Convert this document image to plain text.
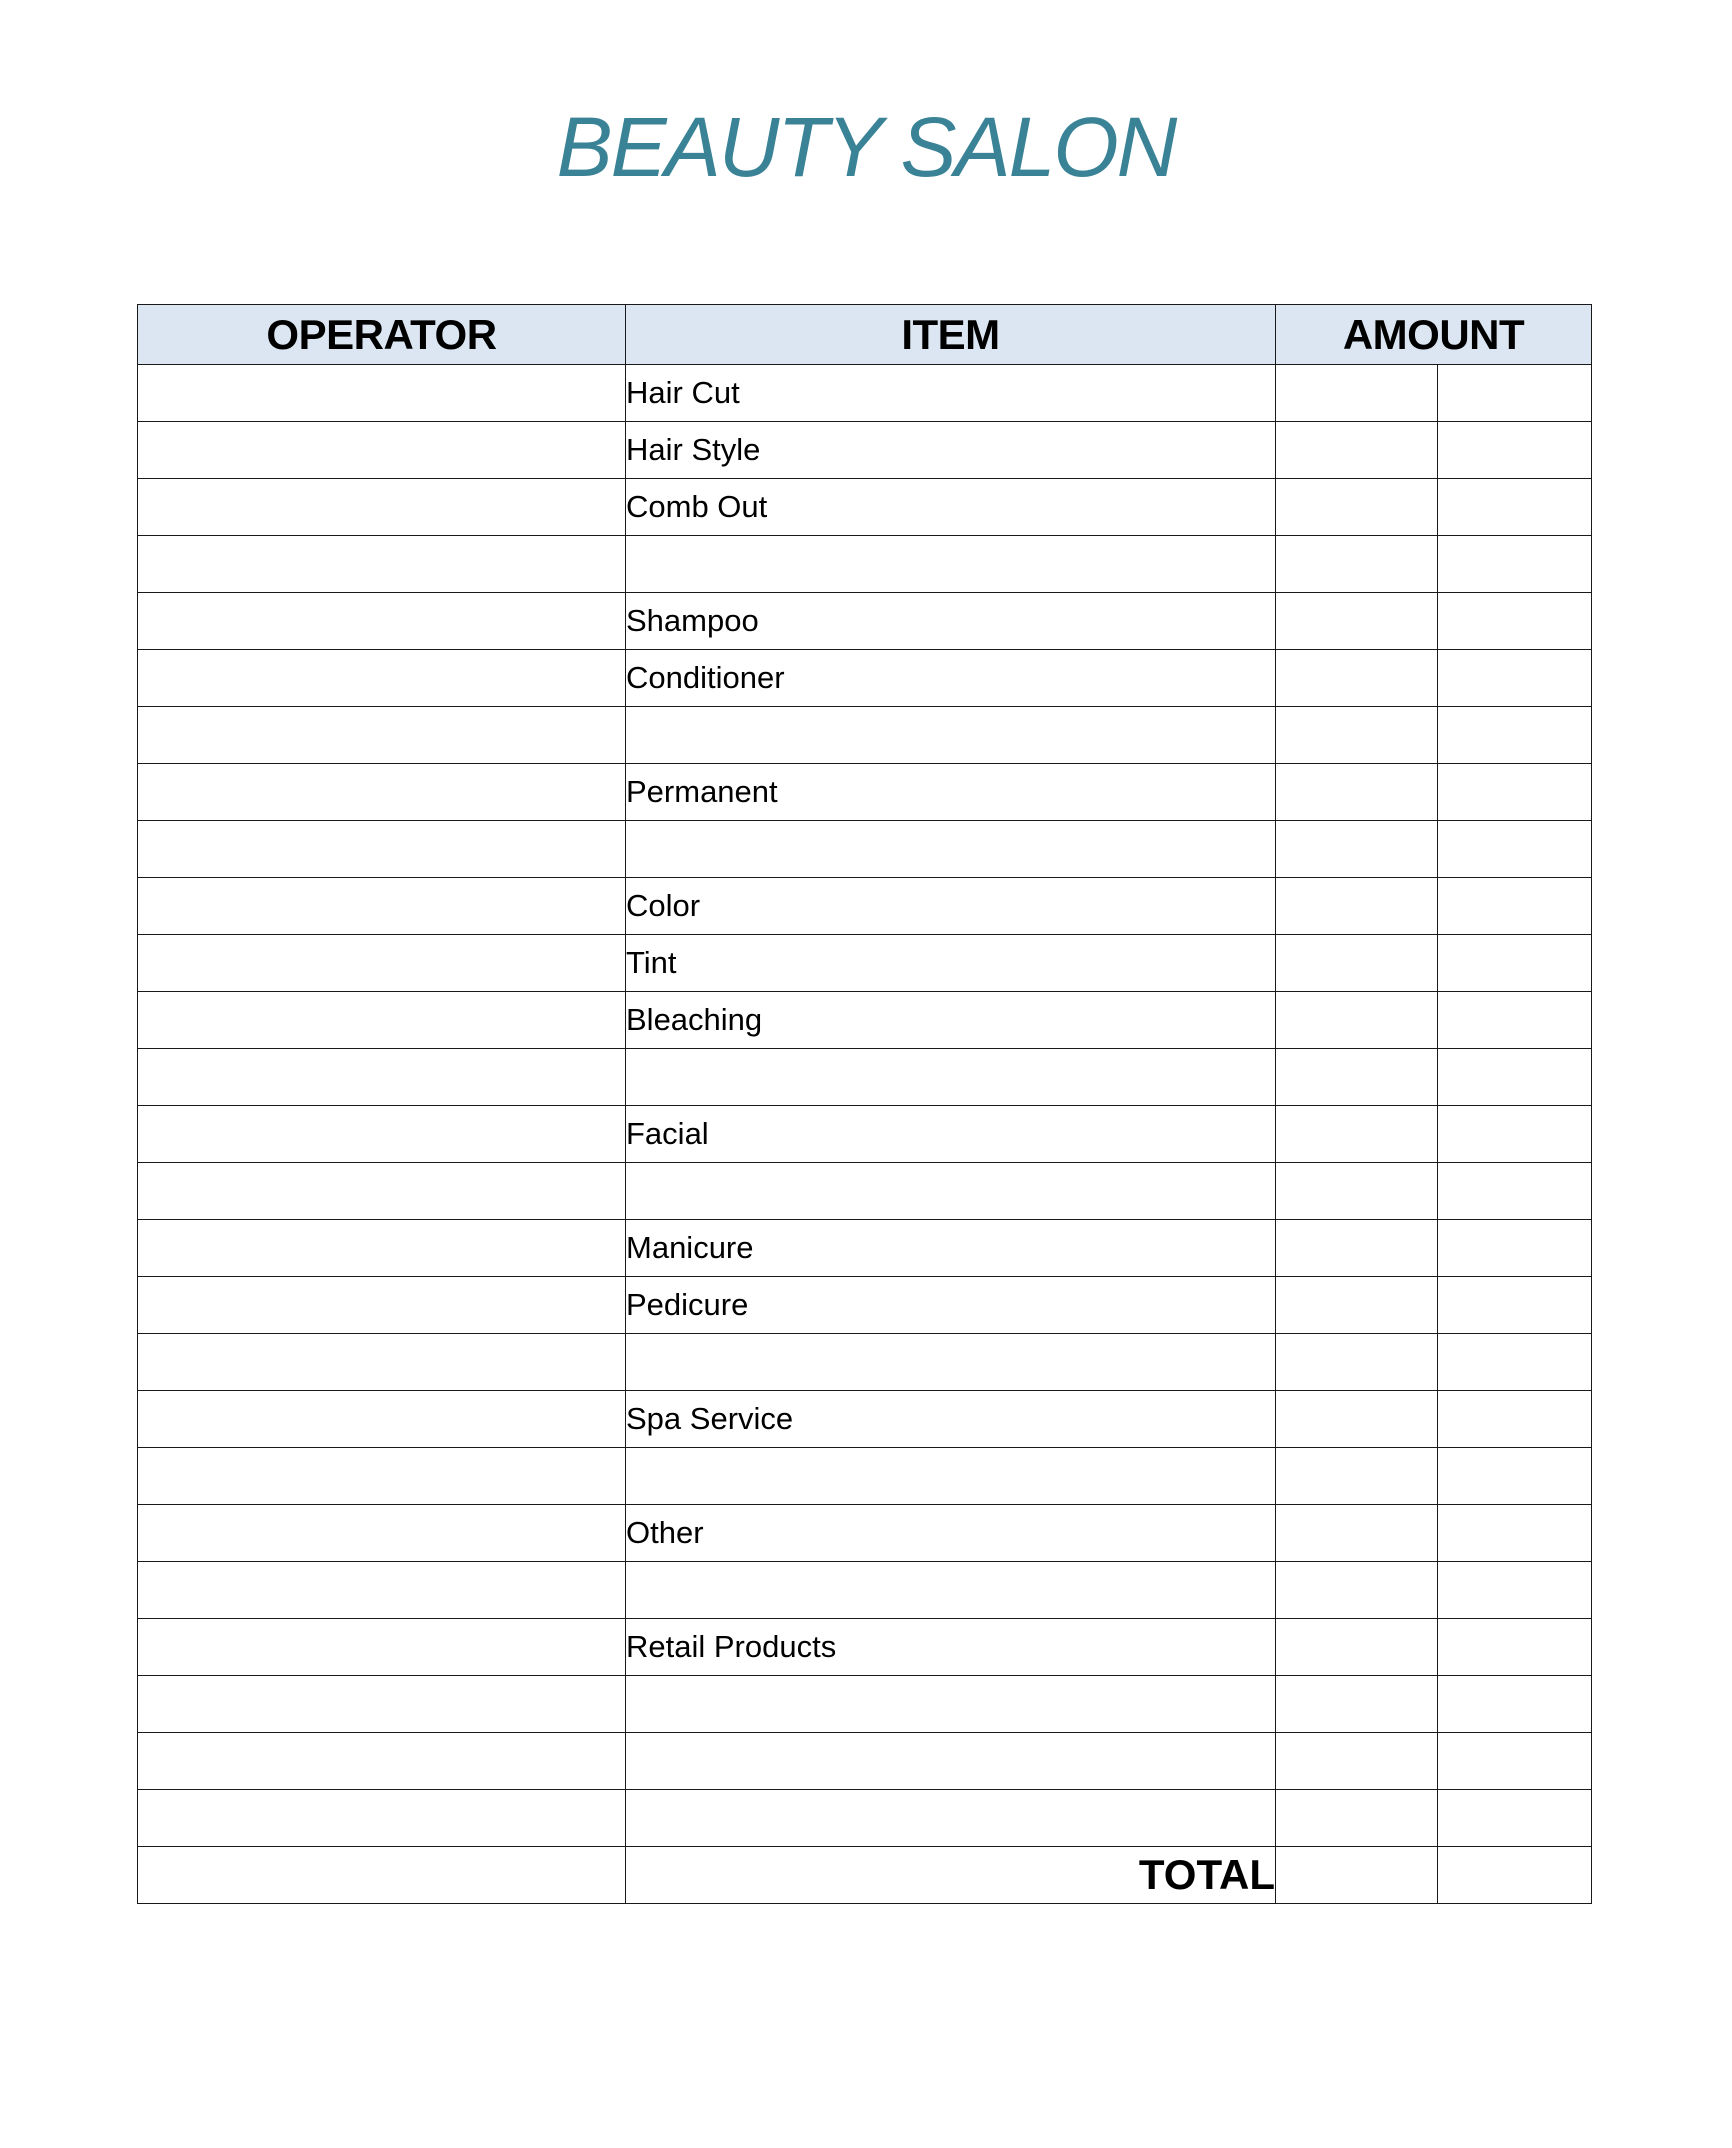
BEAUTY SALON
OPERATOR	ITEM	AMOUNT	
	Hair Cut		
	Hair Style		
	Comb Out		

	Shampoo		
	Conditioner		

	Permanent		

	Color		
	Tint		
	Bleaching		

	Facial		

	Manicure		
	Pedicure		

	Spa Service		

	Other		

	Retail Products		

	TOTAL		
